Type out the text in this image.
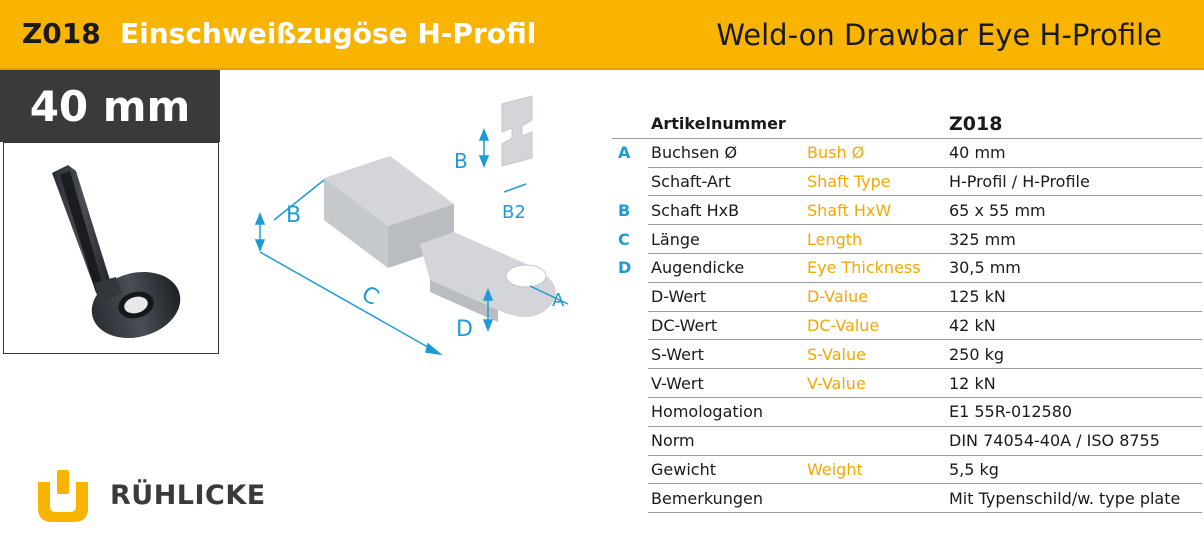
Z018 Einschweißzugöse H-Profil	Weld-on Drawbar Eye H-Profile
40 mm
B
C
B
B2
D
A
RÜHLICKE
	Artikelnummer		Z018
A	Buchsen Ø	Bush Ø	40 mm
	Schaft-Art	Shaft Type	H-Profil / H-Profile
B	Schaft HxB	Shaft HxW	65 x 55 mm
C	Länge	Length	325 mm
D	Augendicke	Eye Thickness	30,5 mm
	D-Wert	D-Value	125 kN
	DC-Wert	DC-Value	42 kN
	S-Wert	S-Value	250 kg
	V-Wert	V-Value	12 kN
	Homologation		E1 55R-012580
	Norm		DIN 74054-40A / ISO 8755
	Gewicht	Weight	5,5 kg
	Bemerkungen		Mit Typenschild/w. type plate
